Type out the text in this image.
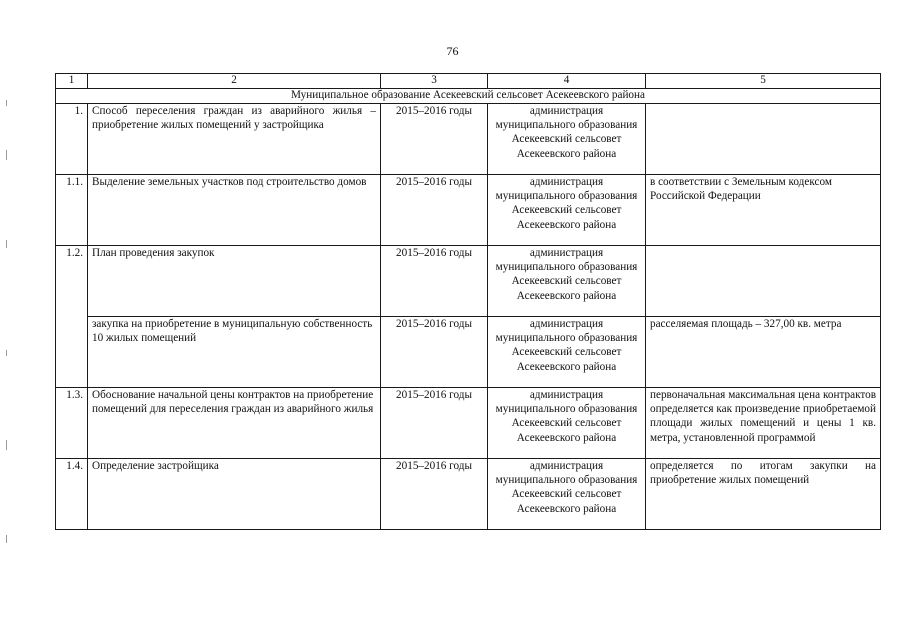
76
1	2	3	4	5
Муниципальное образование Асекеевский сельсовет Асекеевского района				
1.	Способ переселения граждан из аварийного жилья – приобретение жилых помещений у застройщика	2015–2016 годы	администрация муниципального образования Асекеевский сельсовет Асекеевского района	
1.1.	Выделение земельных участков под строительство домов	2015–2016 годы	администрация муниципального образования Асекеевский сельсовет Асекеевского района	в соответствии с Земельным кодексом Российской Федерации
1.2.	План проведения закупок	2015–2016 годы	администрация муниципального образования Асекеевский сельсовет Асекеевского района	
	закупка на приобретение в муниципальную собственность 10 жилых помещений	2015–2016 годы	администрация муниципального образования Асекеевский сельсовет Асекеевского района	расселяемая площадь – 327,00 кв. метра
1.3.	Обоснование начальной цены контрактов на приобретение помещений для переселения граждан из аварийного жилья	2015–2016 годы	администрация муниципального образования Асекеевский сельсовет Асекеевского района	первоначальная максимальная цена контрактов определяется как произведение приобретаемой площади жилых помещений и цены 1 кв. метра, установленной программой
1.4.	Определение застройщика	2015–2016 годы	администрация муниципального образования Асекеевский сельсовет Асекеевского района	определяется по итогам закупки на приобретение жилых помещений
